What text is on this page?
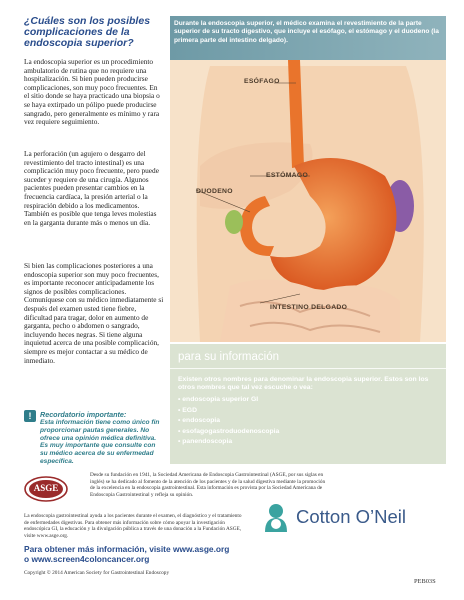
¿Cuáles son los posibles complicaciones de la endoscopia superior?

La endoscopia superior es un procedimiento ambulatorio de rutina que no requiere una hospitalización. Si bien pueden producirse complicaciones, son muy poco frecuentes. En el sitio donde se haya practicado una biopsia o se haya extirpado un pólipo puede producirse sangrado, pero generalmente es mínimo y rara vez requiere seguimiento.

La perforación (un agujero o desgarro del revestimiento del tracto intestinal) es una complicación muy poco frecuente, pero puede suceder y requiere de una cirugía. Algunos pacientes pueden presentar cambios en la frecuencia cardíaca, la presión arterial o la respiración debido a los medicamentos. También es posible que tenga leves molestias en la garganta durante más o menos un día.

Si bien las complicaciones posteriores a una endoscopia superior son muy poco frecuentes, es importante reconocer anticipadamente los signos de posibles complicaciones. Comuníquese con su médico inmediatamente si después del examen usted tiene fiebre, dificultad para tragar, dolor en aumento de garganta, pecho o abdomen o sangrado, incluyendo heces negras. Si tiene alguna inquietud acerca de una posible complicación, siempre es mejor contactar a su médico de inmediato.

!	Recordatorio importante:

Esta información tiene como único fin proporcionar pautas generales. No ofrece una opinión médica definitiva. Es muy importante que consulte con su médico acerca de su enfermedad específica.

ESÓFAGO
ESTÓMAGO
DUODENO
INTESTINO DELGADO

Durante la endoscopia superior, el médico examina el revestimiento de la parte superior de su tracto digestivo, que incluye el esófago, el estómago y el duodeno (la primera parte del intestino delgado).

para su información

Existen otros nombres para denominar la endoscopia superior. Estos son los otros nombres que tal vez escuche o vea:

• endoscopia superior GI
• EGD
• endoscopia
• esofagogastroduodenoscopia
• panendoscopia
ASGE

Desde su fundación en 1941, la Sociedad Americana de Endoscopia Gastrointestinal (ASGE, por sus siglas en inglés) se ha dedicado al fomento de la atención de los pacientes y de la salud digestiva mediante la promoción de la excelencia en la endoscopia gastrointestinal. Esta información es provista por la Sociedad Americana de Endoscopia Gastrointestinal y refleja su opinión.

La endoscopia gastrointestinal ayuda a los pacientes durante el examen, el diagnóstico y el tratamiento de enfermedades digestivas. Para obtener más información sobre cómo apoyar la investigación endoscópica GI, la educación y la divulgación pública a través de una donación a la Fundación ASGE, visite www.asge.org.

Para obtener más información, visite www.asge.org
o www.screen4coloncancer.org

Copyright © 2014 American Society for Gastrointestinal Endoscopy
PEB03S
Cotton O’Neil
